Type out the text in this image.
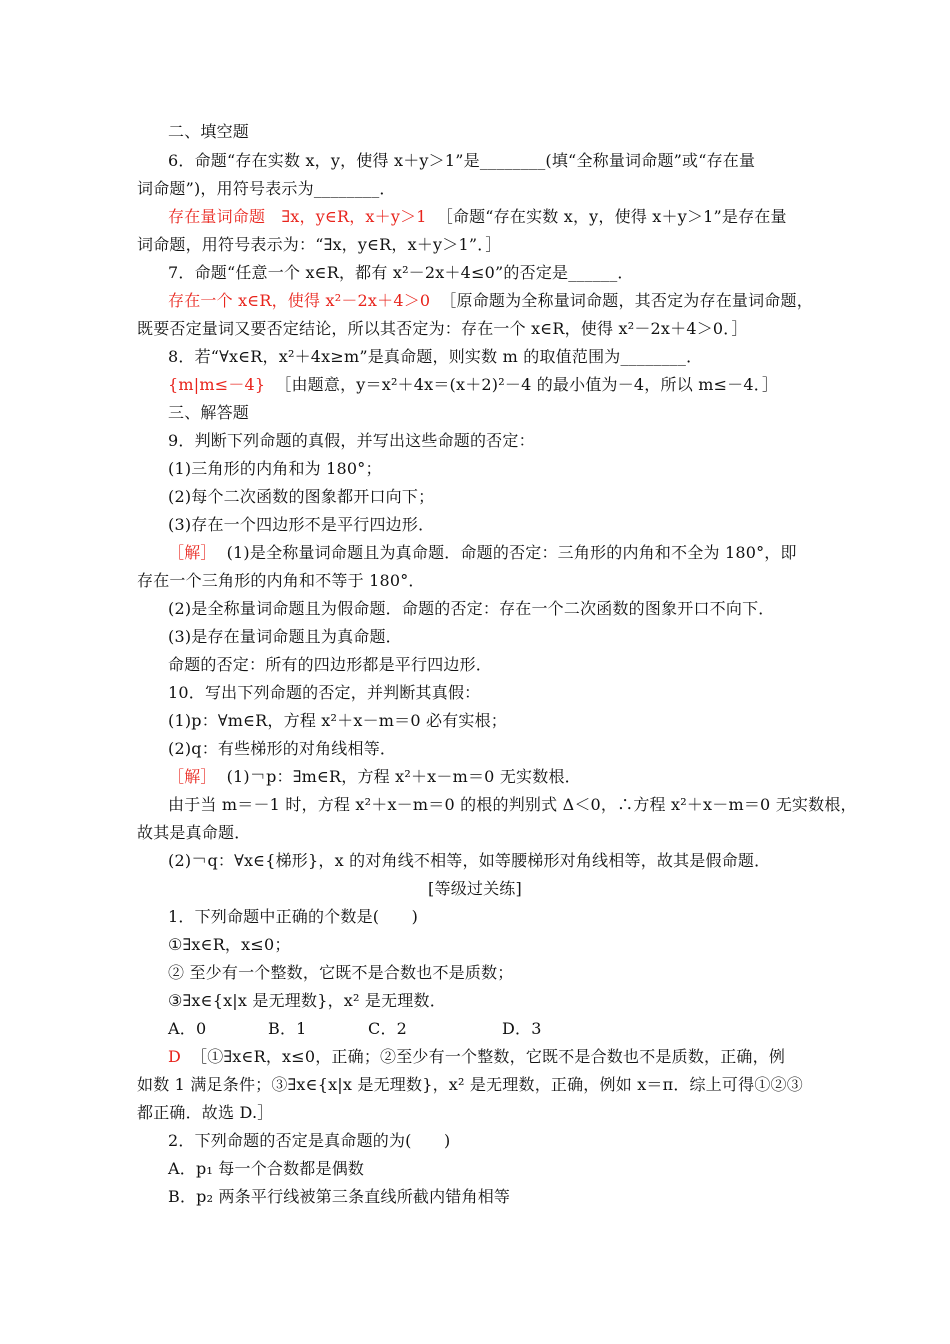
二、填空题
6．命题“存在实数 x，y，使得 x＋y＞1”是________(填“全称量词命题”或“存在量
词命题”)，用符号表示为________．
存在量词命题　∃x，y∈R，x＋y＞1 ［命题“存在实数 x，y，使得 x＋y＞1”是存在量
词命题，用符号表示为：“∃x，y∈R，x＋y＞1”．］
7．命题“任意一个 x∈R，都有 x²－2x＋4≤0”的否定是______．
存在一个 x∈R，使得 x²－2x＋4＞0 ［原命题为全称量词命题，其否定为存在量词命题，
既要否定量词又要否定结论，所以其否定为：存在一个 x∈R，使得 x²－2x＋4＞0．］
8．若“∀x∈R，x²＋4x≥m”是真命题，则实数 m 的取值范围为________．
{m|m≤－4} ［由题意，y＝x²＋4x＝(x＋2)²－4 的最小值为－4，所以 m≤－4．］
三、解答题
9．判断下列命题的真假，并写出这些命题的否定：
(1)三角形的内角和为 180°；
(2)每个二次函数的图象都开口向下；
(3)存在一个四边形不是平行四边形．
［解］ (1)是全称量词命题且为真命题．命题的否定：三角形的内角和不全为 180°，即
存在一个三角形的内角和不等于 180°．
(2)是全称量词命题且为假命题．命题的否定：存在一个二次函数的图象开口不向下．
(3)是存在量词命题且为真命题．
命题的否定：所有的四边形都是平行四边形．
10．写出下列命题的否定，并判断其真假：
(1)p：∀m∈R，方程 x²＋x－m＝0 必有实根；
(2)q：有些梯形的对角线相等．
［解］ (1)￢p：∃m∈R，方程 x²＋x－m＝0 无实数根．
由于当 m＝－1 时，方程 x²＋x－m＝0 的根的判别式 Δ＜0，∴方程 x²＋x－m＝0 无实数根，
故其是真命题．
(2)￢q：∀x∈{梯形}，x 的对角线不相等，如等腰梯形对角线相等，故其是假命题．
[等级过关练]
1．下列命题中正确的个数是(　　)
①∃x∈R，x≤0；
② 至少有一个整数，它既不是合数也不是质数；
③∃x∈{x|x 是无理数}，x² 是无理数．
A．0	B．1	C．2	D．3
D ［①∃x∈R，x≤0，正确；②至少有一个整数，它既不是合数也不是质数，正确，例
如数 1 满足条件；③∃x∈{x|x 是无理数}，x² 是无理数，正确，例如 x＝π．综上可得①②③
都正确．故选 D.］
2．下列命题的否定是真命题的为(　　)
A．p₁ 每一个合数都是偶数
B．p₂ 两条平行线被第三条直线所截内错角相等
